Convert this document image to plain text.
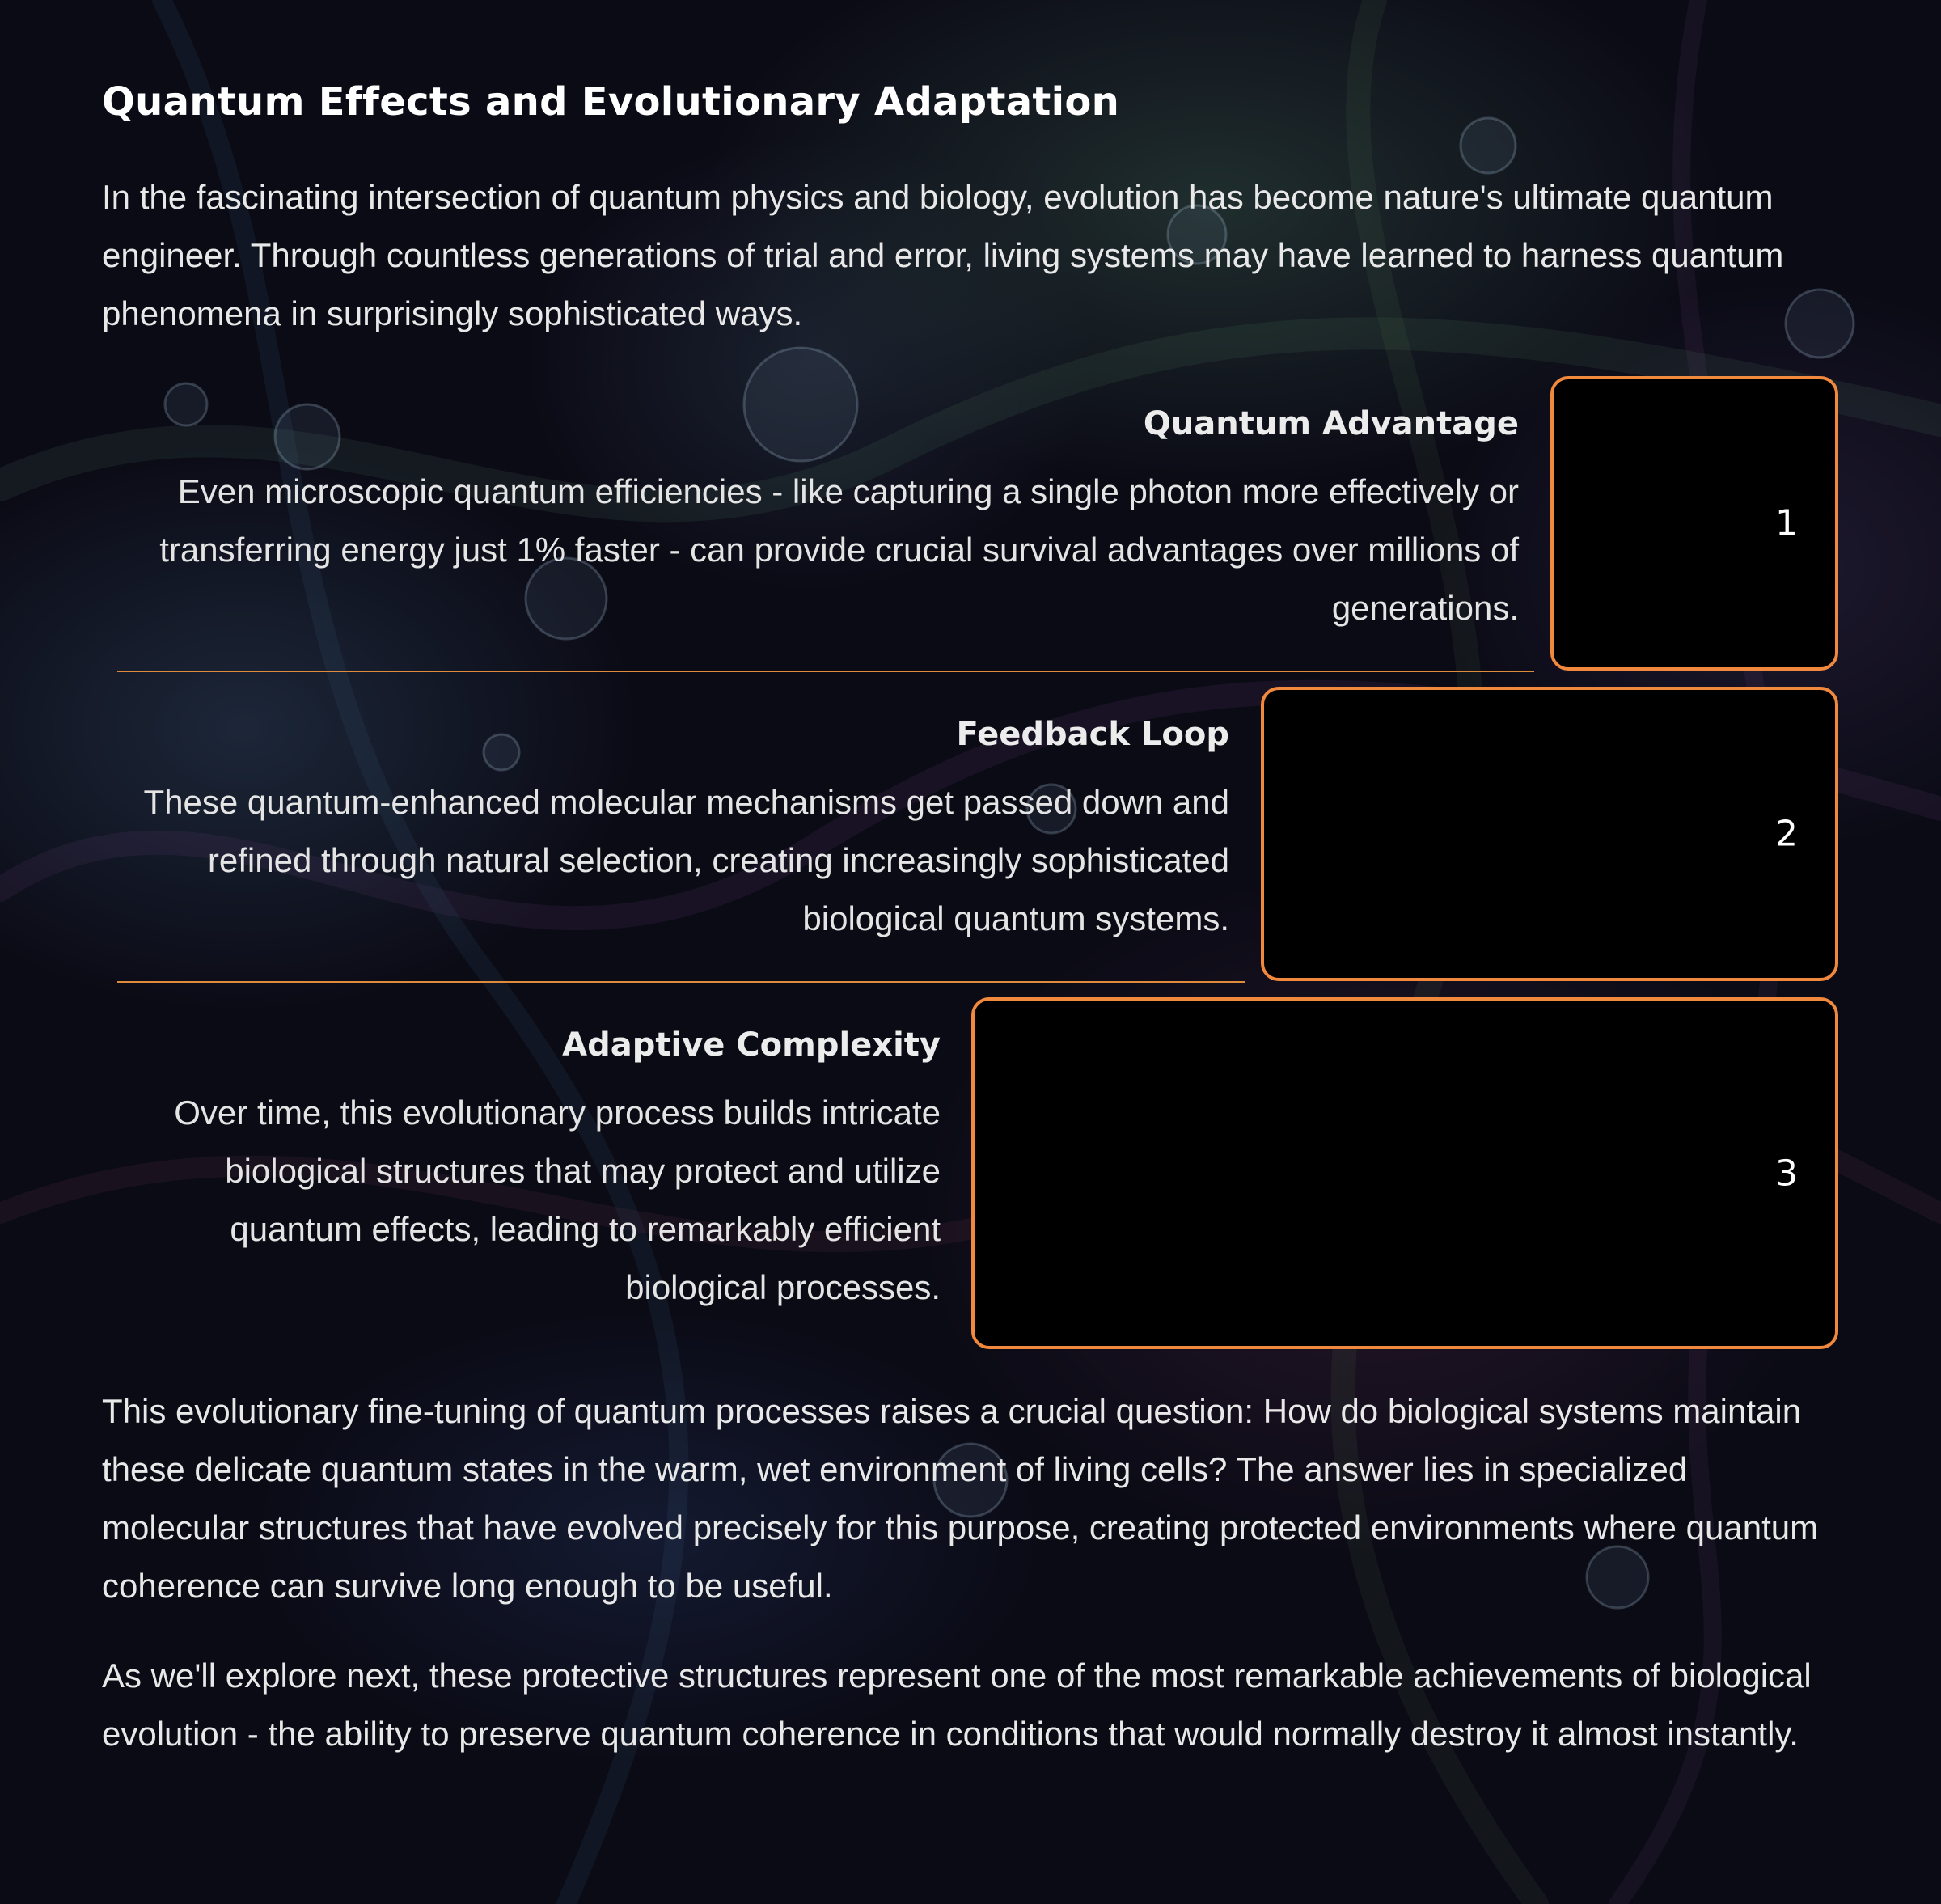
Quantum Effects and Evolutionary Adaptation

In the fascinating intersection of quantum physics and biology, evolution has become nature's ultimate quantum engineer. Through countless generations of trial and error, living systems may have learned to harness quantum phenomena in surprisingly sophisticated ways.

Quantum Advantage

Even microscopic quantum efficiencies - like capturing a single photon more effectively or transferring energy just 1% faster - can provide crucial survival advantages over millions of generations.

1

Feedback Loop

These quantum-enhanced molecular mechanisms get passed down and refined through natural selection, creating increasingly sophisticated biological quantum systems.

2

Adaptive Complexity

Over time, this evolutionary process builds intricate biological structures that may protect and utilize quantum effects, leading to remarkably efficient biological processes.

3

This evolutionary fine-tuning of quantum processes raises a crucial question: How do biological systems maintain these delicate quantum states in the warm, wet environment of living cells? The answer lies in specialized molecular structures that have evolved precisely for this purpose, creating protected environments where quantum coherence can survive long enough to be useful.

As we'll explore next, these protective structures represent one of the most remarkable achievements of biological evolution - the ability to preserve quantum coherence in conditions that would normally destroy it almost instantly.
